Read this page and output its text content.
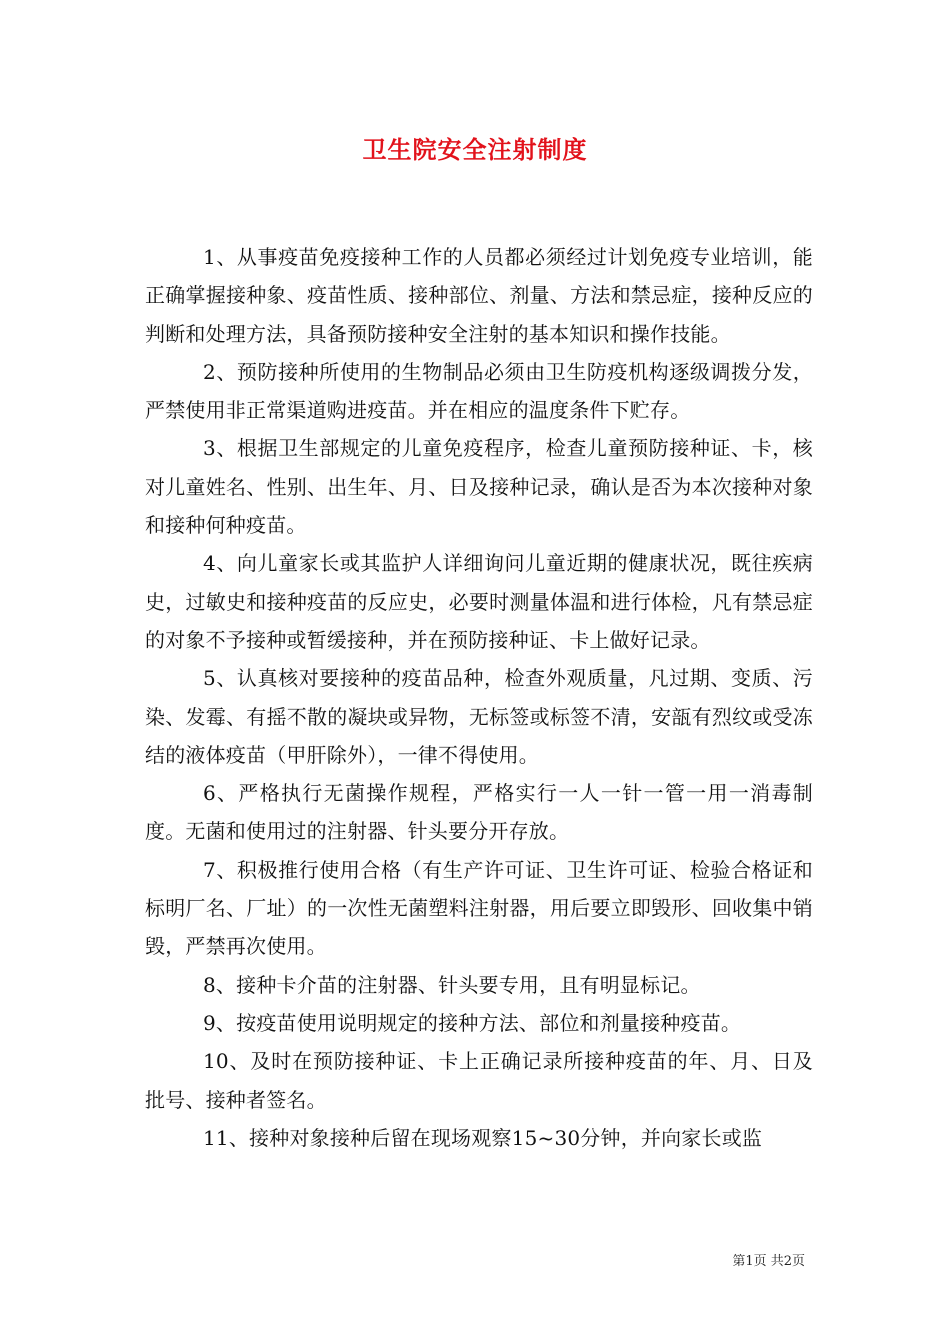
卫生院安全注射制度

1、从事疫苗免疫接种工作的人员都必须经过计划免疫专业培训，能正确掌握接种象、疫苗性质、接种部位、剂量、方法和禁忌症，接种反应的判断和处理方法，具备预防接种安全注射的基本知识和操作技能。

2、预防接种所使用的生物制品必须由卫生防疫机构逐级调拨分发，严禁使用非正常渠道购进疫苗。并在相应的温度条件下贮存。

3、根据卫生部规定的儿童免疫程序，检查儿童预防接种证、卡，核对儿童姓名、性别、出生年、月、日及接种记录，确认是否为本次接种对象和接种何种疫苗。

4、向儿童家长或其监护人详细询问儿童近期的健康状况，既往疾病史，过敏史和接种疫苗的反应史，必要时测量体温和进行体检，凡有禁忌症的对象不予接种或暂缓接种，并在预防接种证、卡上做好记录。

5、认真核对要接种的疫苗品种，检查外观质量，凡过期、变质、污染、发霉、有摇不散的凝块或异物，无标签或标签不清，安瓿有烈纹或受冻结的液体疫苗（甲肝除外），一律不得使用。

6、严格执行无菌操作规程，严格实行一人一针一管一用一消毒制度。无菌和使用过的注射器、针头要分开存放。

7、积极推行使用合格（有生产许可证、卫生许可证、检验合格证和标明厂名、厂址）的一次性无菌塑料注射器，用后要立即毁形、回收集中销毁，严禁再次使用。

8、接种卡介苗的注射器、针头要专用，且有明显标记。

9、按疫苗使用说明规定的接种方法、部位和剂量接种疫苗。

10、及时在预防接种证、卡上正确记录所接种疫苗的年、月、日及批号、接种者签名。

11、接种对象接种后留在现场观察15~30分钟，并向家长或监

第1页 共2页
